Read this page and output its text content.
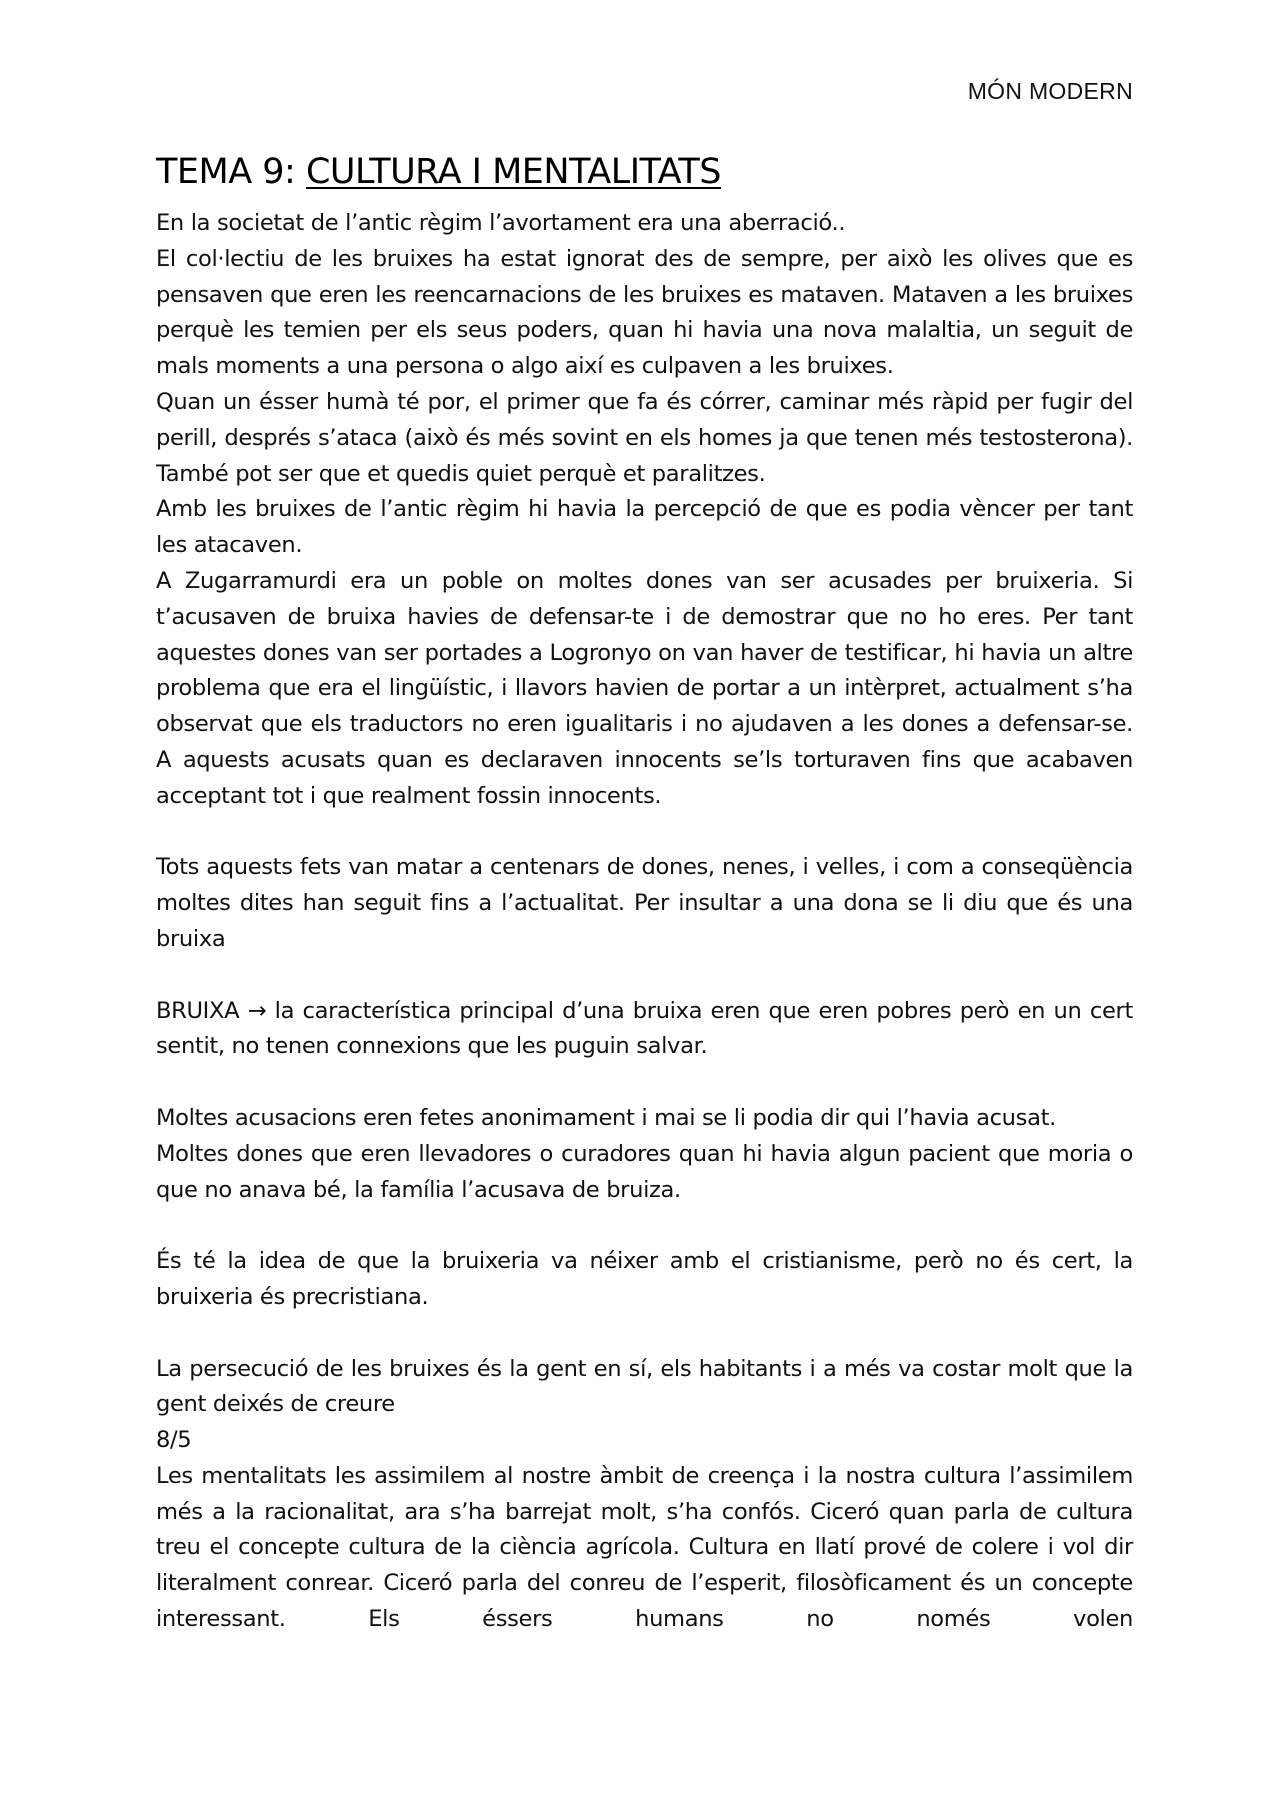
MÓN MODERN
TEMA 9: CULTURA I MENTALITATS

En la societat de l’antic règim l’avortament era una aberració..

El col·lectiu de les bruixes ha estat ignorat des de sempre, per això les olives que es pensaven que eren les reencarnacions de les bruixes es mataven. Mataven a les bruixes perquè les temien per els seus poders, quan hi havia una nova malaltia, un seguit de mals moments a una persona o algo així es culpaven a les bruixes.

Quan un ésser humà té por, el primer que fa és córrer, caminar més ràpid per fugir del perill, després s’ataca (això és més sovint en els homes ja que tenen més testosterona). També pot ser que et quedis quiet perquè et paralitzes.

Amb les bruixes de l’antic règim hi havia la percepció de que es podia vèncer per tant les atacaven.

A Zugarramurdi era un poble on moltes dones van ser acusades per bruixeria. Si t’acusaven de bruixa havies de defensar-te i de demostrar que no ho eres. Per tant aquestes dones van ser portades a Logronyo on van haver de testificar, hi havia un altre problema que era el lingüístic, i llavors havien de portar a un intèrpret, actualment s’ha observat que els traductors no eren igualitaris i no ajudaven a les dones a defensar-se. A aquests acusats quan es declaraven innocents se’ls torturaven fins que acabaven acceptant tot i que realment fossin innocents.

Tots aquests fets van matar a centenars de dones, nenes, i velles, i com a conseqüència moltes dites han seguit fins a l’actualitat. Per insultar a una dona se li diu que és una bruixa

BRUIXA → la característica principal d’una bruixa eren que eren pobres però en un cert sentit, no tenen connexions que les puguin salvar.

Moltes acusacions eren fetes anonimament i mai se li podia dir qui l’havia acusat.

Moltes dones que eren llevadores o curadores quan hi havia algun pacient que moria o que no anava bé, la família l’acusava de bruiza.

És té la idea de que la bruixeria va néixer amb el cristianisme, però no és cert, la bruixeria és precristiana.

La persecució de les bruixes és la gent en sí, els habitants i a més va costar molt que la gent deixés de creure

8/5

Les mentalitats les assimilem al nostre àmbit de creença i la nostra cultura l’assimilem més a la racionalitat, ara s’ha barrejat molt, s’ha confós. Ciceró quan parla de cultura treu el concepte cultura de la ciència agrícola. Cultura en llatí prové de colere i vol dir literalment conrear. Ciceró parla del conreu de l’esperit, filosòficament és un concepte interessant. Els éssers humans no només volen
